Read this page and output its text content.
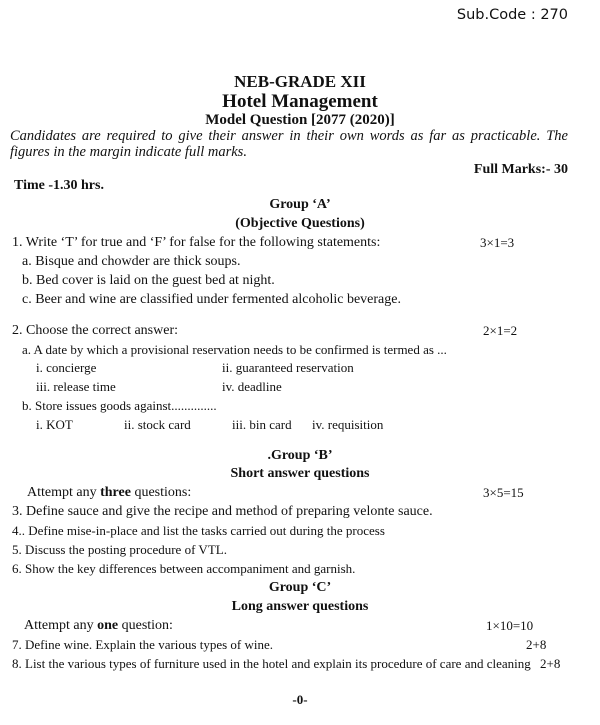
Sub.Code : 270
NEB-GRADE XII
Hotel Management
Model Question [2077 (2020)]
Candidates are required to give their answer in their own words as far as practicable. The
figures in the margin indicate full marks.
Full Marks:- 30
Time -1.30 hrs.
Group ‘A’
(Objective Questions)
1. Write ‘T’ for true and ‘F’ for false for the following statements:	3×1=3
a. Bisque and chowder are thick soups.
b. Bed cover is laid on the guest bed at night.
c. Beer and wine are classified under fermented alcoholic beverage.
2. Choose the correct answer:	2×1=2
a. A date by which a provisional reservation needs to be confirmed is termed as ...
i. concierge	ii. guaranteed reservation
iii. release time	iv. deadline
b. Store issues goods against..............
i. KOT	ii. stock card	iii. bin card iv. requisition
.Group ‘B’
Short answer questions
Attempt any three questions:	3×5=15
3. Define sauce and give the recipe and method of preparing velonte sauce.
4.. Define mise-in-place and list the tasks carried out during the process
5. Discuss the posting procedure of VTL.
6. Show the key differences between accompaniment and garnish.
Group ‘C’
Long answer questions
Attempt any one question:	1×10=10
7. Define wine. Explain the various types of wine.	2+8
8. List the various types of furniture used in the hotel and explain its procedure of care and cleaning 2+8
-0-
